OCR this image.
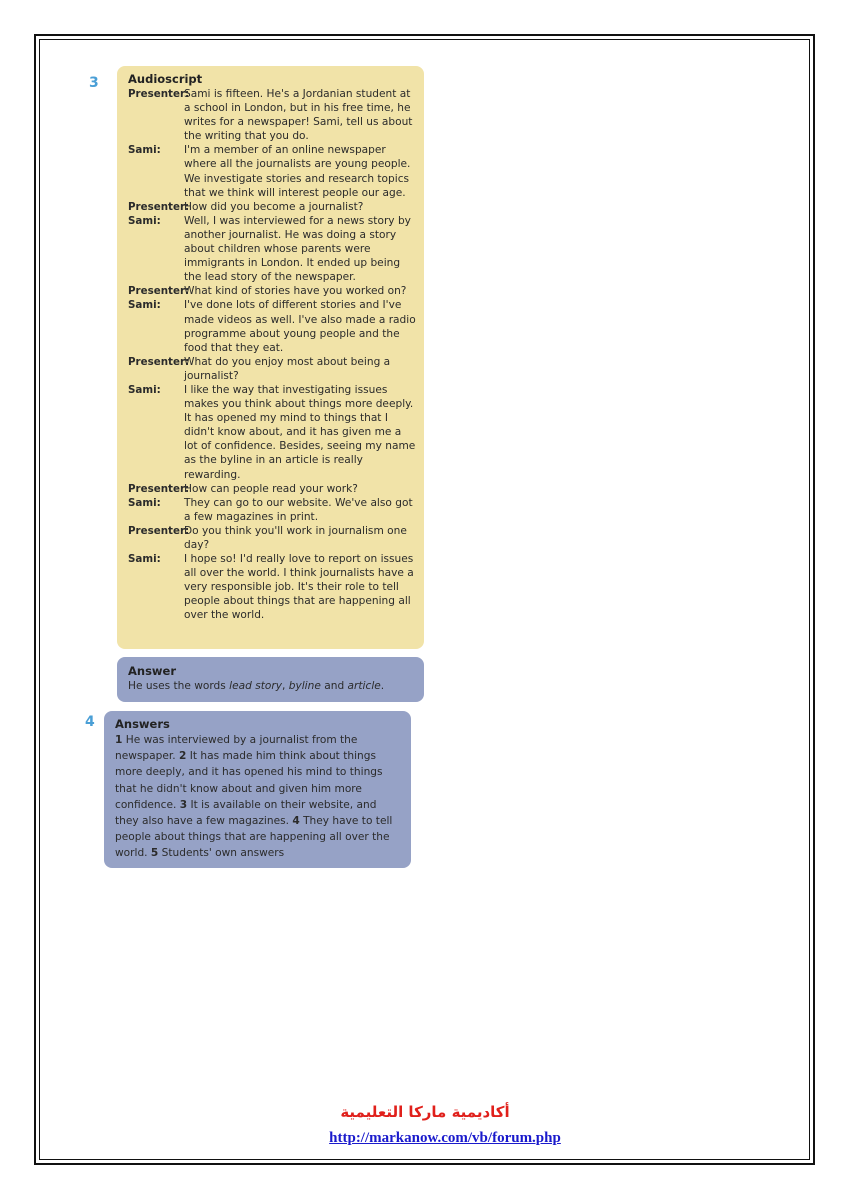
3	Audioscript
Presenter:
Sami is fifteen. He's a Jordanian student at a school in London, but in his free time, he writes for a newspaper! Sami, tell us about the writing that you do.
Sami:	I'm a member of an online newspaper where all the journalists are young people. We investigate stories and research topics that we think will interest people our age.
Presenter:
How did you become a journalist?
Sami:	Well, I was interviewed for a news story by another journalist. He was doing a story about children whose parents were immigrants in London. It ended up being the lead story of the newspaper.
Presenter:
What kind of stories have you worked on?
Sami:	I've done lots of different stories and I've made videos as well. I've also made a radio programme about young people and the food that they eat.
Presenter:
What do you enjoy most about being a journalist?
Sami:	I like the way that investigating issues makes you think about things more deeply. It has opened my mind to things that I didn't know about, and it has given me a lot of confidence. Besides, seeing my name as the byline in an article is really rewarding.
Presenter:
How can people read your work?
Sami:	They can go to our website. We've also got a few magazines in print.
Presenter:
Do you think you'll work in journalism one day?
Sami:	I hope so! I'd really love to report on issues all over the world. I think journalists have a very responsible job. It's their role to tell people about things that are happening all over the world.
Answer
He uses the words lead story, byline and article.
4 Answers
1 He was interviewed by a journalist from the newspaper. 2 It has made him think about things more deeply, and it has opened his mind to things that he didn't know about and given him more confidence. 3 It is available on their website, and they also have a few magazines. 4 They have to tell people about things that are happening all over the world. 5 Students' own answers
أكاديمية ماركا التعليمية
http://markanow.com/vb/forum.php
